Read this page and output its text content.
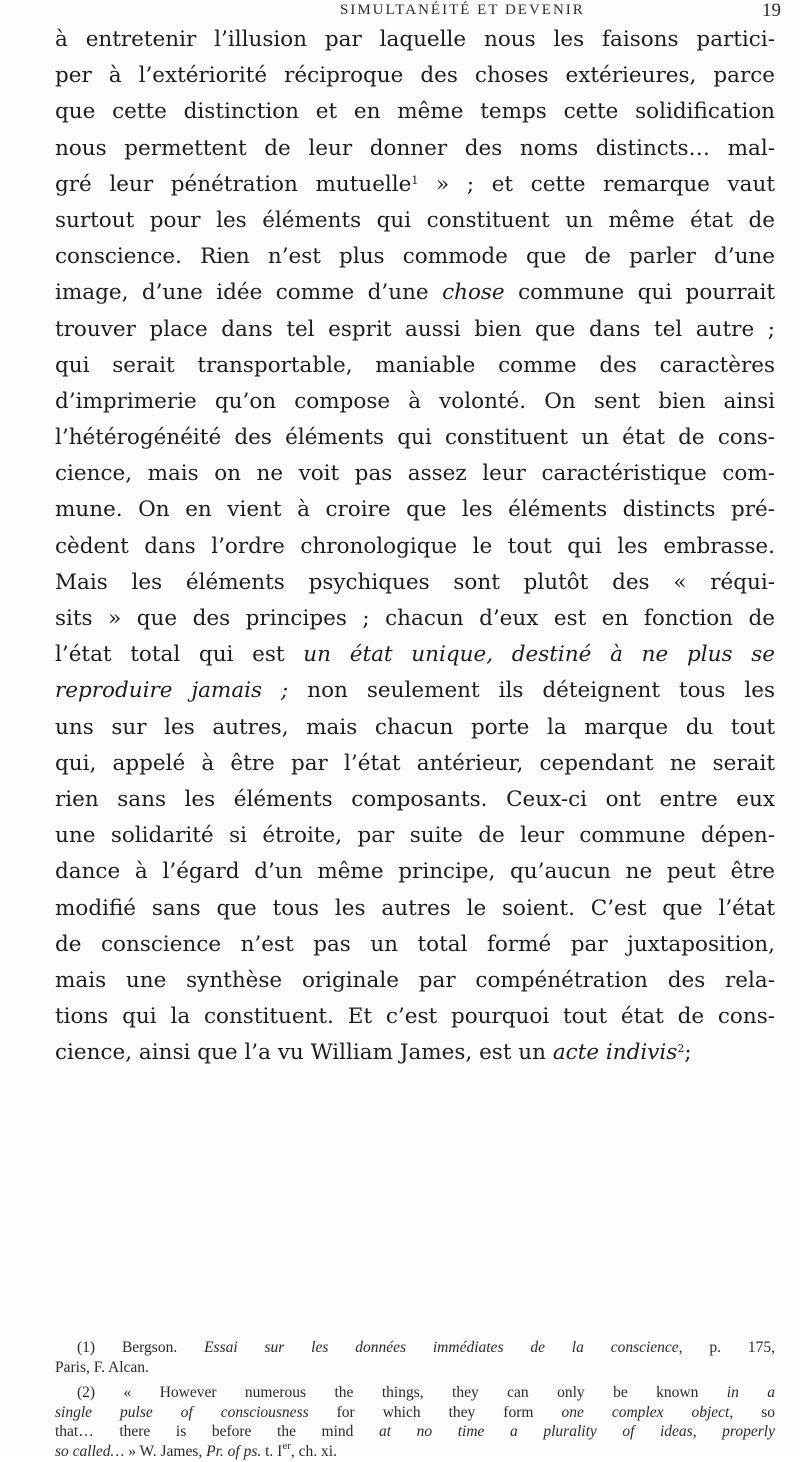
SIMULTANÉITÉ ET DEVENIR	19
à entretenir l’illusion par laquelle nous les faisons partici-
per à l’extériorité réciproque des choses extérieures, parce
que cette distinction et en même temps cette solidification
nous permettent de leur donner des noms distincts… mal-
gré leur pénétration mutuelle$^1$ » ; et cette remarque vaut
surtout pour les éléments qui constituent un même état de
conscience. Rien n’est plus commode que de parler d’une
image, d’une idée comme d’une chose commune qui pourrait
trouver place dans tel esprit aussi bien que dans tel autre ;
qui serait transportable, maniable comme des caractères
d’imprimerie qu’on compose à volonté. On sent bien ainsi
l’hétérogénéité des éléments qui constituent un état de cons-
cience, mais on ne voit pas assez leur caractéristique com-
mune. On en vient à croire que les éléments distincts pré-
cèdent dans l’ordre chronologique le tout qui les embrasse.
Mais les éléments psychiques sont plutôt des « réqui-
sits » que des principes ; chacun d’eux est en fonction de
l’état total qui est un état unique, destiné à ne plus se
reproduire jamais ; non seulement ils déteignent tous les
uns sur les autres, mais chacun porte la marque du tout
qui, appelé à être par l’état antérieur, cependant ne serait
rien sans les éléments composants. Ceux-ci ont entre eux
une solidarité si étroite, par suite de leur commune dépen-
dance à l’égard d’un même principe, qu’aucun ne peut être
modifié sans que tous les autres le soient. C’est que l’état
de conscience n’est pas un total formé par juxtaposition,
mais une synthèse originale par compénétration des rela-
tions qui la constituent. Et c’est pourquoi tout état de cons-
cience, ainsi que l’a vu William James, est un acte indivis$^2$;
(1) Bergson. Essai sur les données immédiates de la conscience, p. 175,
Paris, F. Alcan.
(2) « However numerous the things, they can only be known in a
single pulse of consciousness for which they form one complex object, so
that… there is before the mind at no time a plurality of ideas, properly
so called… » W. James, Pr. of ps. t. Ier, ch. xi.
